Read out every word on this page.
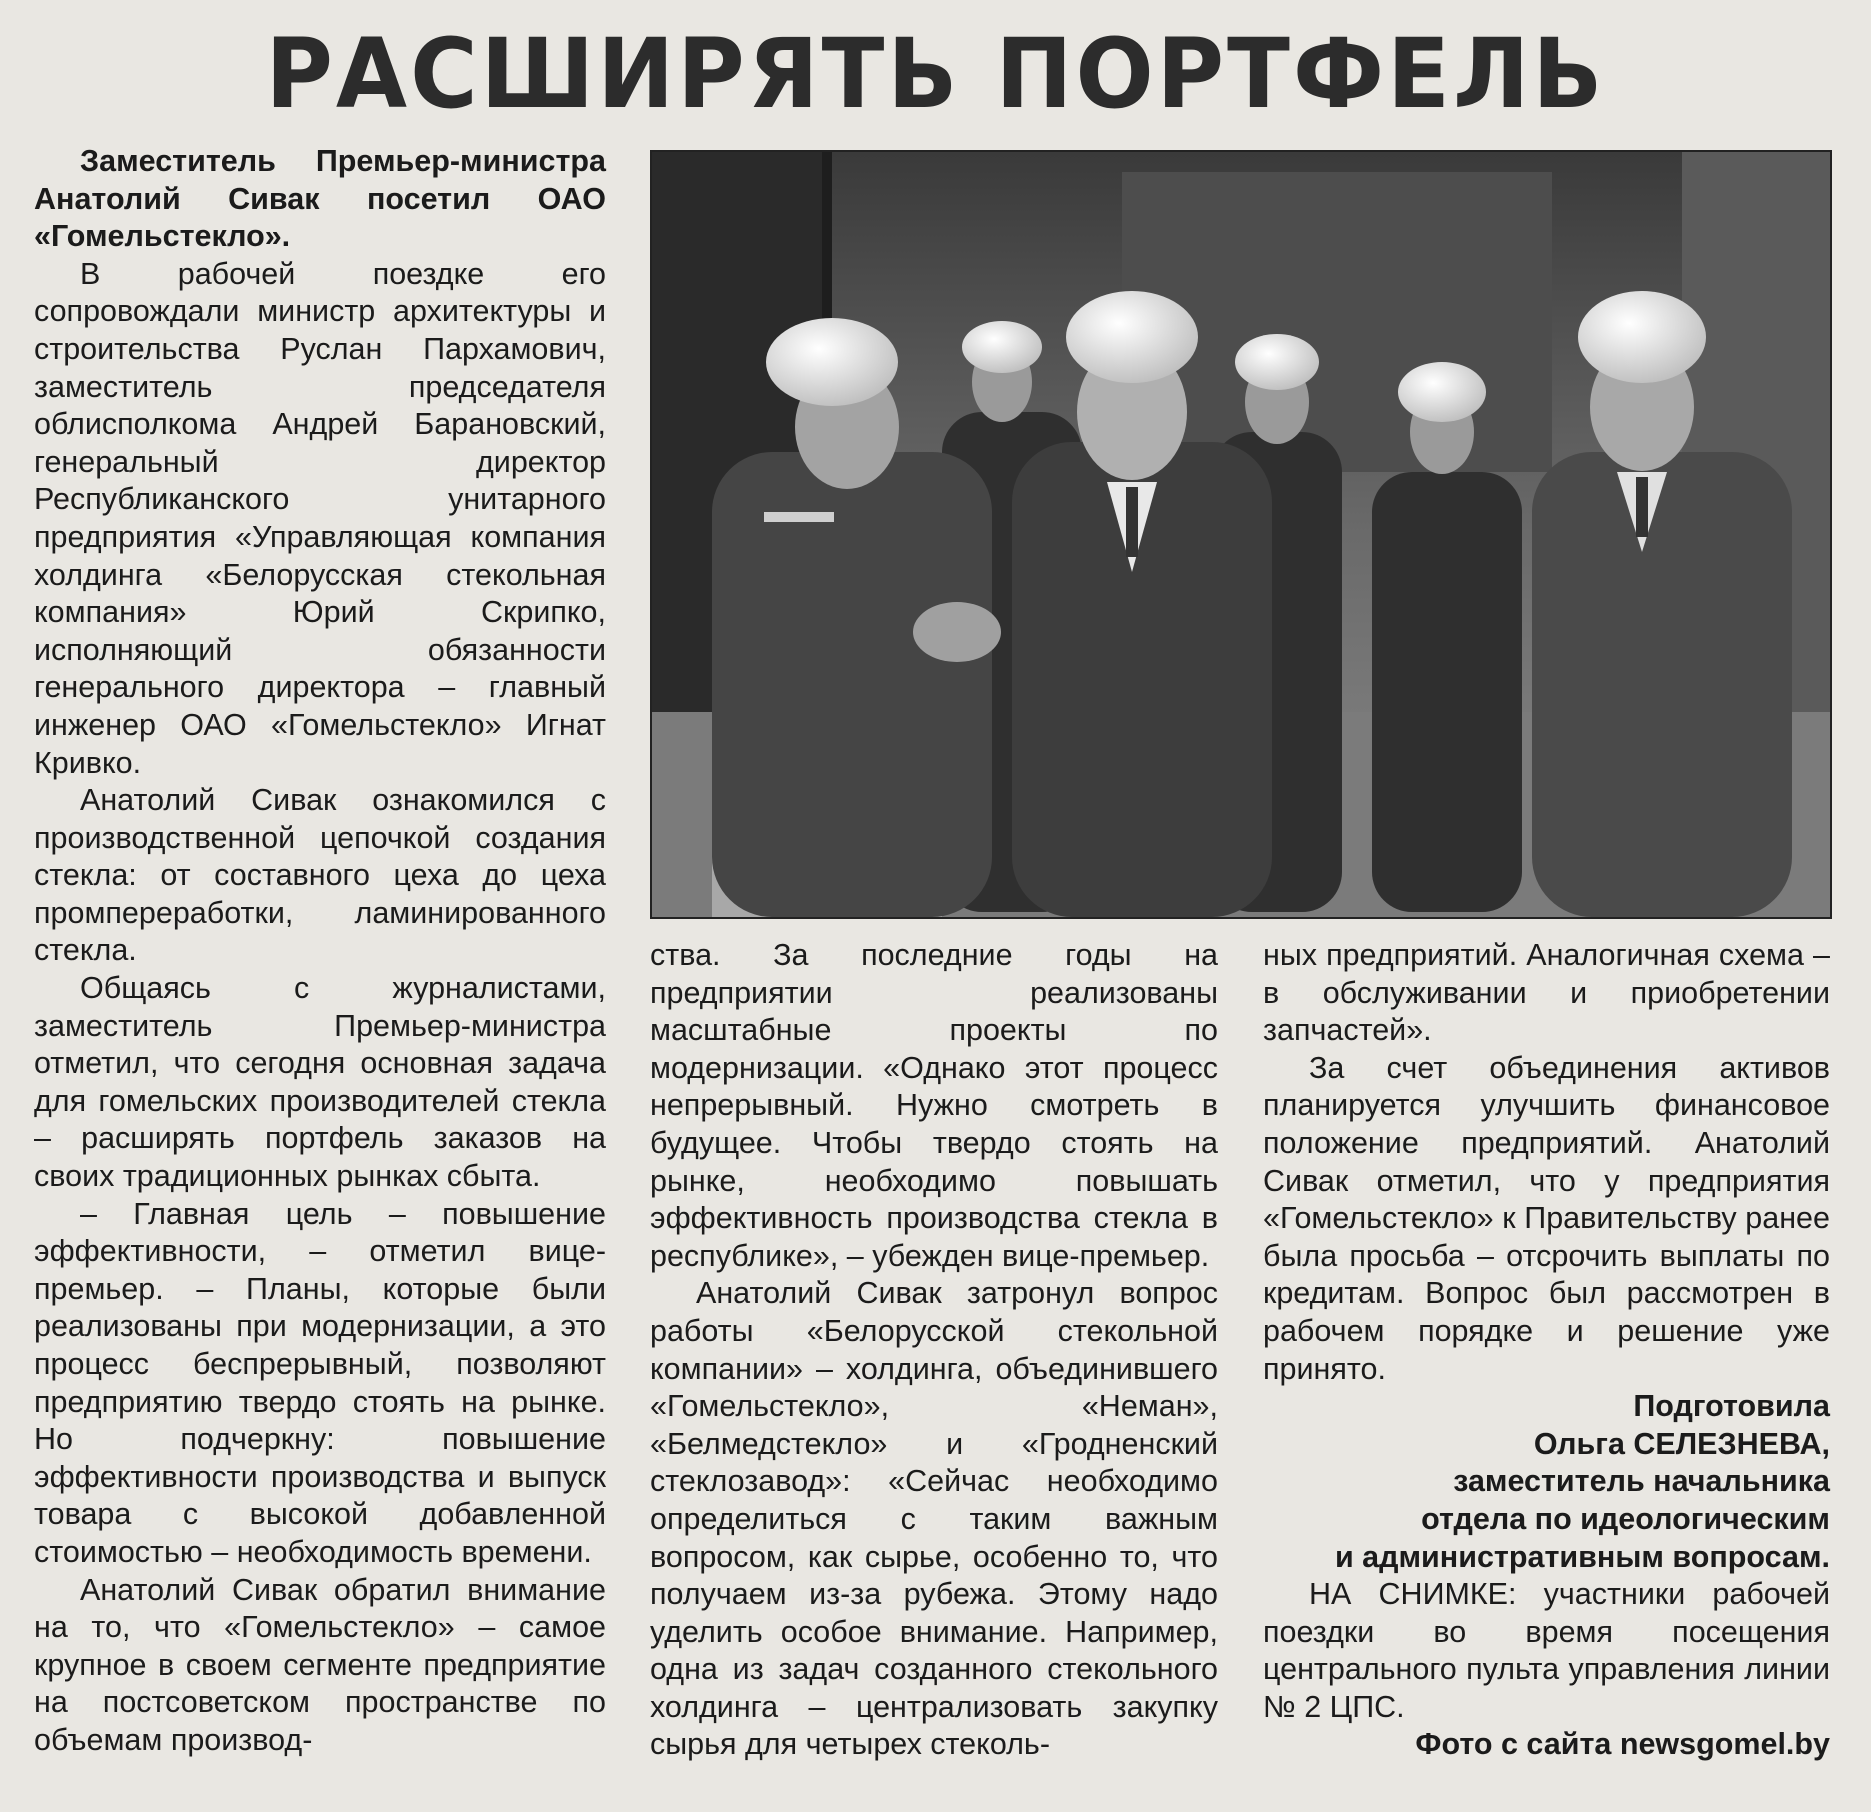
РАСШИРЯТЬ ПОРТФЕЛЬ

Заместитель Премьер-министра Анатолий Сивак посетил ОАО «Гомельстекло».

В рабочей поездке его сопровождали министр архитектуры и строительства Руслан Пархамович, заместитель председателя облисполкома Андрей Барановский, генеральный директор Республиканского унитарного предприятия «Управляющая компания холдинга «Белорусская стекольная компания» Юрий Скрипко, исполняющий обязанности генерального директора – главный инженер ОАО «Гомельстекло» Игнат Кривко.

Анатолий Сивак ознакомился с производственной цепочкой создания стекла: от составного цеха до цеха промпереработки, ламинированного стекла.

Общаясь с журналистами, заместитель Премьер-министра отметил, что сегодня основная задача для гомельских производителей стекла – расширять портфель заказов на своих традиционных рынках сбыта.

– Главная цель – повышение эффективности, – отметил вице-премьер. – Планы, которые были реализованы при модернизации, а это процесс беспрерывный, позволяют предприятию твердо стоять на рынке. Но подчеркну: повышение эффективности производства и выпуск товара с высокой добавленной стоимостью – необходимость времени.

Анатолий Сивак обратил внимание на то, что «Гомельстекло» – самое крупное в своем сегменте предприятие на постсоветском пространстве по объемам производ-

ства. За последние годы на предприятии реализованы масштабные проекты по модернизации. «Однако этот процесс непрерывный. Нужно смотреть в будущее. Чтобы твердо стоять на рынке, необходимо повышать эффективность производства стекла в республике», – убежден вице-премьер.

Анатолий Сивак затронул вопрос работы «Белорусской стекольной компании» – холдинга, объединившего «Гомельстекло», «Неман», «Белмедстекло» и «Гродненский стеклозавод»: «Сейчас необходимо определиться с таким важным вопросом, как сырье, особенно то, что получаем из-за рубежа. Этому надо уделить особое внимание. Например, одна из задач созданного стекольного холдинга – централизовать закупку сырья для четырех стеколь-

ных предприятий. Аналогичная схема – в обслуживании и приобретении запчастей».

За счет объединения активов планируется улучшить финансовое положение предприятий. Анатолий Сивак отметил, что у предприятия «Гомельстекло» к Правительству ранее была просьба – отсрочить выплаты по кредитам. Вопрос был рассмотрен в рабочем порядке и решение уже принято.

Подготовила

Ольга СЕЛЕЗНЕВА,

заместитель начальника

отдела по идеологическим

и административным вопросам.

НА СНИМКЕ: участники рабочей поездки во время посещения центрального пульта управления линии № 2 ЦПС.

Фото с сайта newsgomel.by
